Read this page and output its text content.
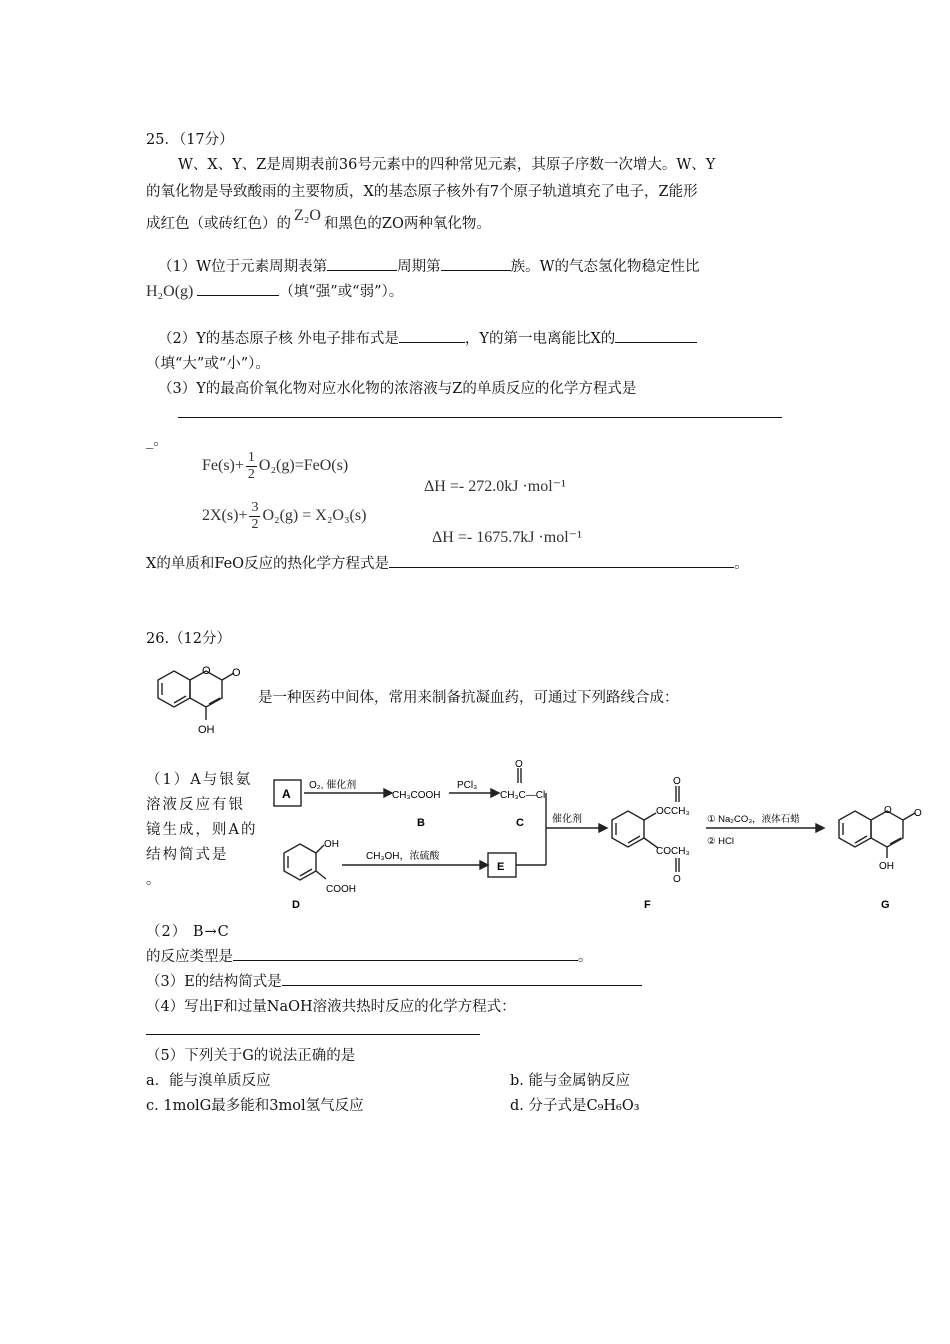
25．（17分）
W、X、Y、Z是周期表前36号元素中的四种常见元素，其原子序数一次增大。W、Y
的氧化物是导致酸雨的主要物质，X的基态原子核外有7个原子轨道填充了电子，Z能形
成红色（或砖红色）的 Z₂O 和黑色的ZO两种氧化物。
（1）W位于元素周期表第	周期第	族。W的气态氢化物稳定性比
H₂O(g)	（填“强”或“弱”）。
（2）Y的基态原子核 外电子排布式是	，Y的第一电离能比X的
（填“大”或“小”）。
（3）Y的最高价氧化物对应水化物的浓溶液与Z的单质反应的化学方程式是
_。
$Fe(s)+ \frac{1}{2} O_2(g)=FeO(s)$
ΔH =- 272.0kJ ·mol⁻¹
$2X(s)+ \frac{3}{2} O_2(g) = X_2O_3(s)$
ΔH =- 1675.7kJ ·mol⁻¹
X的单质和FeO反应的热化学方程式是	。
26.（12分）
O O
OH
是一种医药中间体，常用来制备抗凝血药，可通过下列路线合成：
（1）A与银氨溶液反应有银镜生成，则A的结构简式是
。
A
O₂, 催化剂
CH₃COOH
B
PCl₃
CH₃C—Cl
O
C
OH
COOH
D
CH₃OH，浓硫酸
E
催化剂
OCCH₃
O
COCH₃
O
F
① Na₂CO₃，液体石蜡
② HCl
O O
OH
G
（2） B→C
的反应类型是	。
（3）E的结构简式是
（4）写出F和过量NaOH溶液共热时反应的化学方程式：
（5）下列关于G的说法正确的是
a．能与溴单质反应	b. 能与金属钠反应
c. 1molG最多能和3mol氢气反应	d. 分子式是C₉H₆O₃
